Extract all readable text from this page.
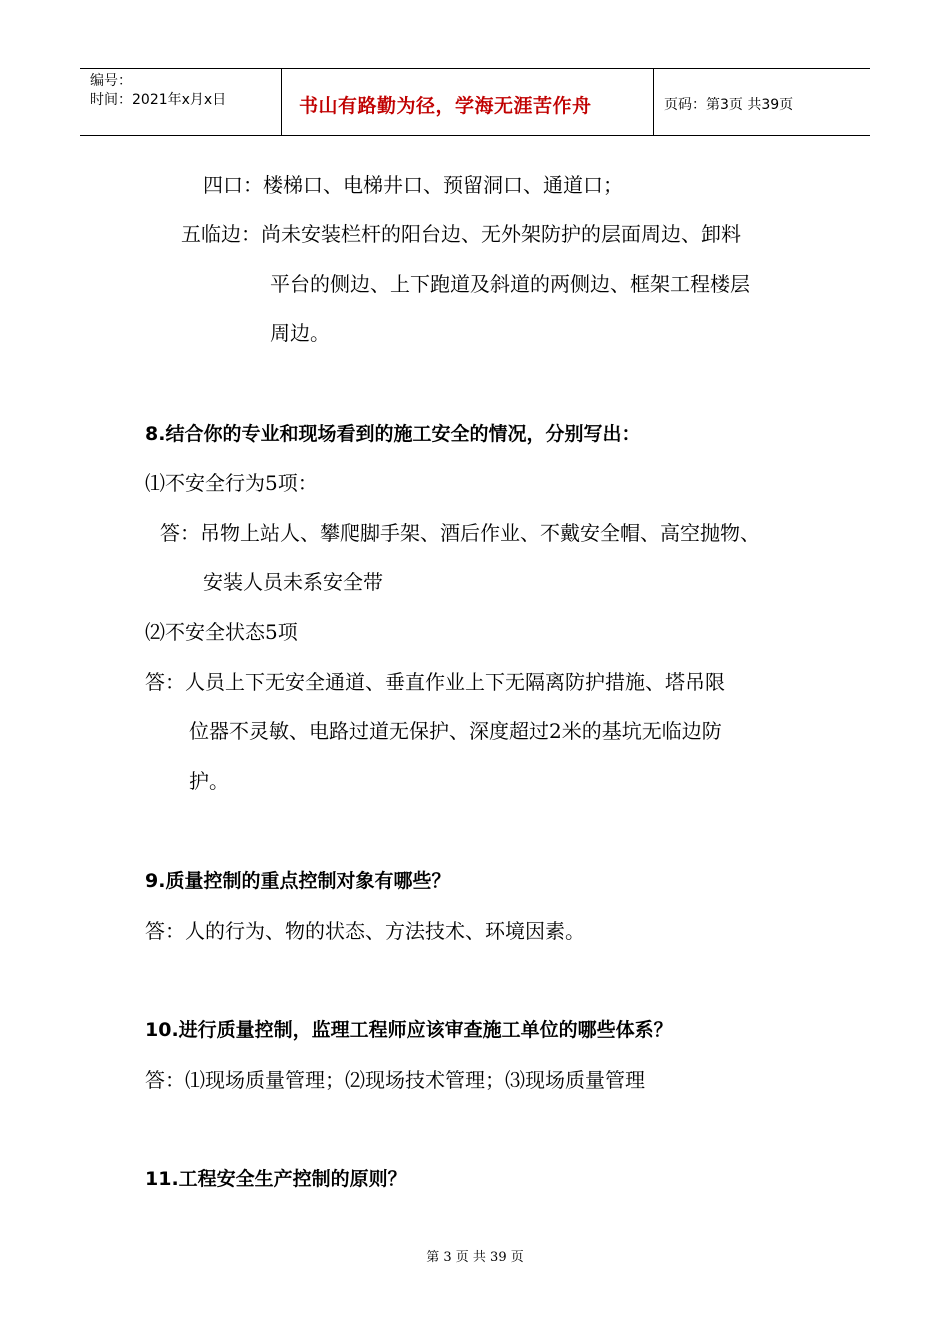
编号：
时间：2021年x月x日	书山有路勤为径，学海无涯苦作舟	页码：第3页 共39页
四口：楼梯口、电梯井口、预留洞口、通道口；
五临边：尚未安装栏杆的阳台边、无外架防护的层面周边、卸料
平台的侧边、上下跑道及斜道的两侧边、框架工程楼层
周边。
8.结合你的专业和现场看到的施工安全的情况，分别写出：
⑴不安全行为5项：
答：吊物上站人、攀爬脚手架、酒后作业、不戴安全帽、高空抛物、
安装人员未系安全带
⑵不安全状态5项
答：人员上下无安全通道、垂直作业上下无隔离防护措施、塔吊限
位器不灵敏、电路过道无保护、深度超过2米的基坑无临边防
护。
9.质量控制的重点控制对象有哪些？
答：人的行为、物的状态、方法技术、环境因素。
10.进行质量控制，监理工程师应该审查施工单位的哪些体系？
答：⑴现场质量管理；⑵现场技术管理；⑶现场质量管理
11.工程安全生产控制的原则？
第 3 页 共 39 页
